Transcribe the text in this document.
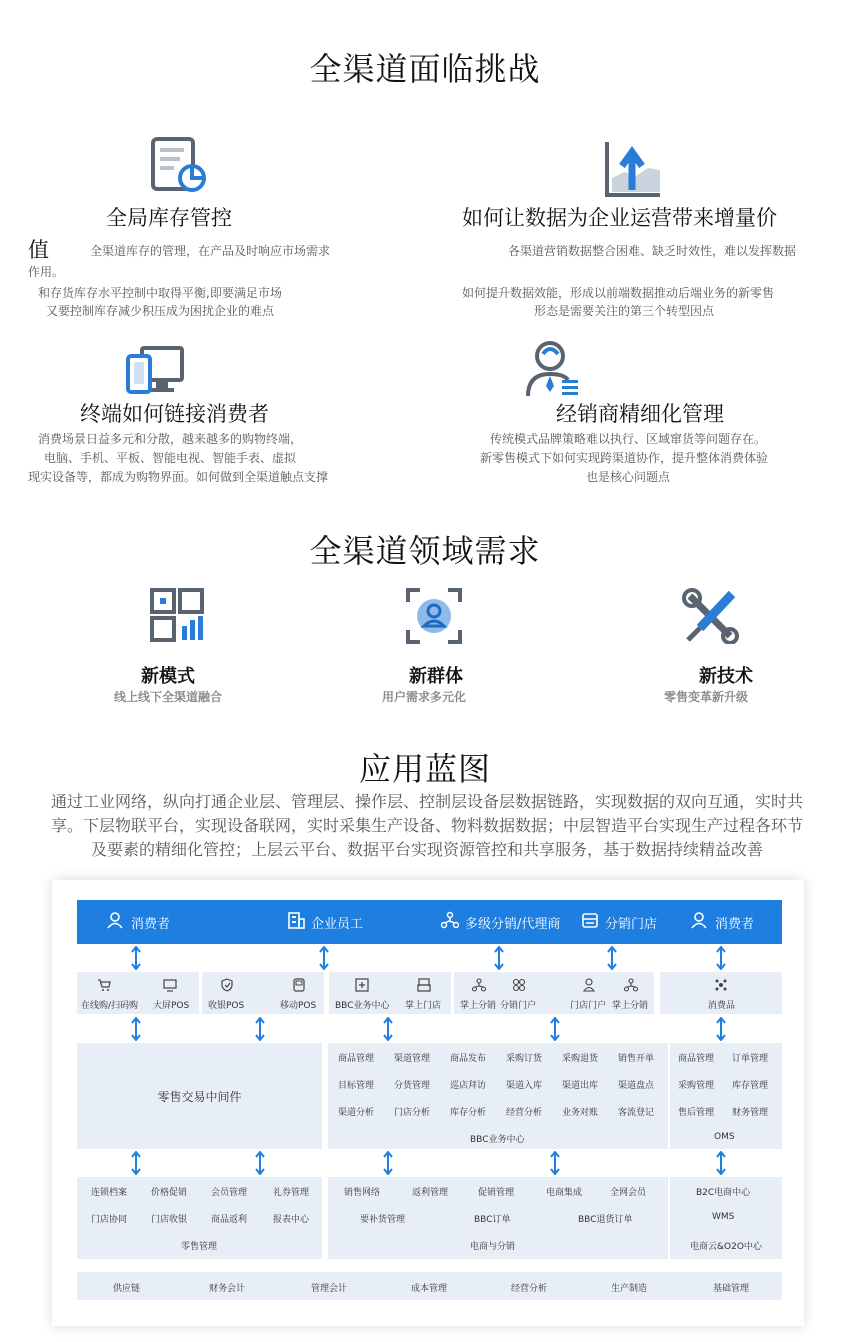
全渠道面临挑战
全局库存管控
值	全渠道库存的管理，在产品及时响应市场需求
作用。
和存货库存水平控制中取得平衡,即要满足市场
又要控制库存减少积压成为困扰企业的难点
如何让数据为企业运营带来增量价
各渠道营销数据整合困难、缺乏时效性，难以发挥数据
如何提升数据效能，形成以前端数据推动后端业务的新零售
形态是需要关注的第三个转型因点
终端如何链接消费者
消费场景日益多元和分散，越来越多的购物终端，
电脑、手机、平板、智能电视、智能手表、虚拟
现实设备等，都成为购物界面。如何做到全渠道触点支撑
经销商精细化管理
传统模式品牌策略难以执行、区域窜货等问题存在。
新零售模式下如何实现跨渠道协作，提升整体消费体验
也是核心问题点
全渠道领域需求
新模式
线上线下全渠道融合
新群体
用户需求多元化
新技术
零售变革新升级
应用蓝图
通过工业网络，纵向打通企业层、管理层、操作层、控制层设备层数据链路，实现数据的双向互通，实时共
享。下层物联平台，实现设备联网，实时采集生产设备、物料数据数据；中层智造平台实现生产过程各环节
及要素的精细化管控；上层云平台、数据平台实现资源管控和共享服务，基于数据持续精益改善
消费者	企业员工	多级分销/代理商	分销门店	消费者
在线购/扫码购 大屏POS 收银POS	移动POS BBC业务中心 掌上门店 掌上分销 分销门户	门店门户 掌上分销	消费品
零售交易中间件
商品管理 渠道管理 商品发布 采购订货 采购退货 销售开单
目标管理 分货管理 巡店拜访 渠道入库 渠道出库 渠道盘点
渠道分析 门店分析 库存分析 经营分析 业务对账 客流登记
BBC业务中心
商品管理 订单管理
采购管理 库存管理
售后管理 财务管理
OMS
连锁档案	价格促销	会员管理	礼券管理
门店协同	门店收银	商品返利	报表中心
零售管理
销售网络	返利管理	促销管理	电商集成	全网会员
要补货管理	BBC订单	BBC退货订单
电商与分销
B2C电商中心
WMS
电商云&O2O中心
供应链	财务会计	管理会计	成本管理	经营分析	生产制造	基础管理
